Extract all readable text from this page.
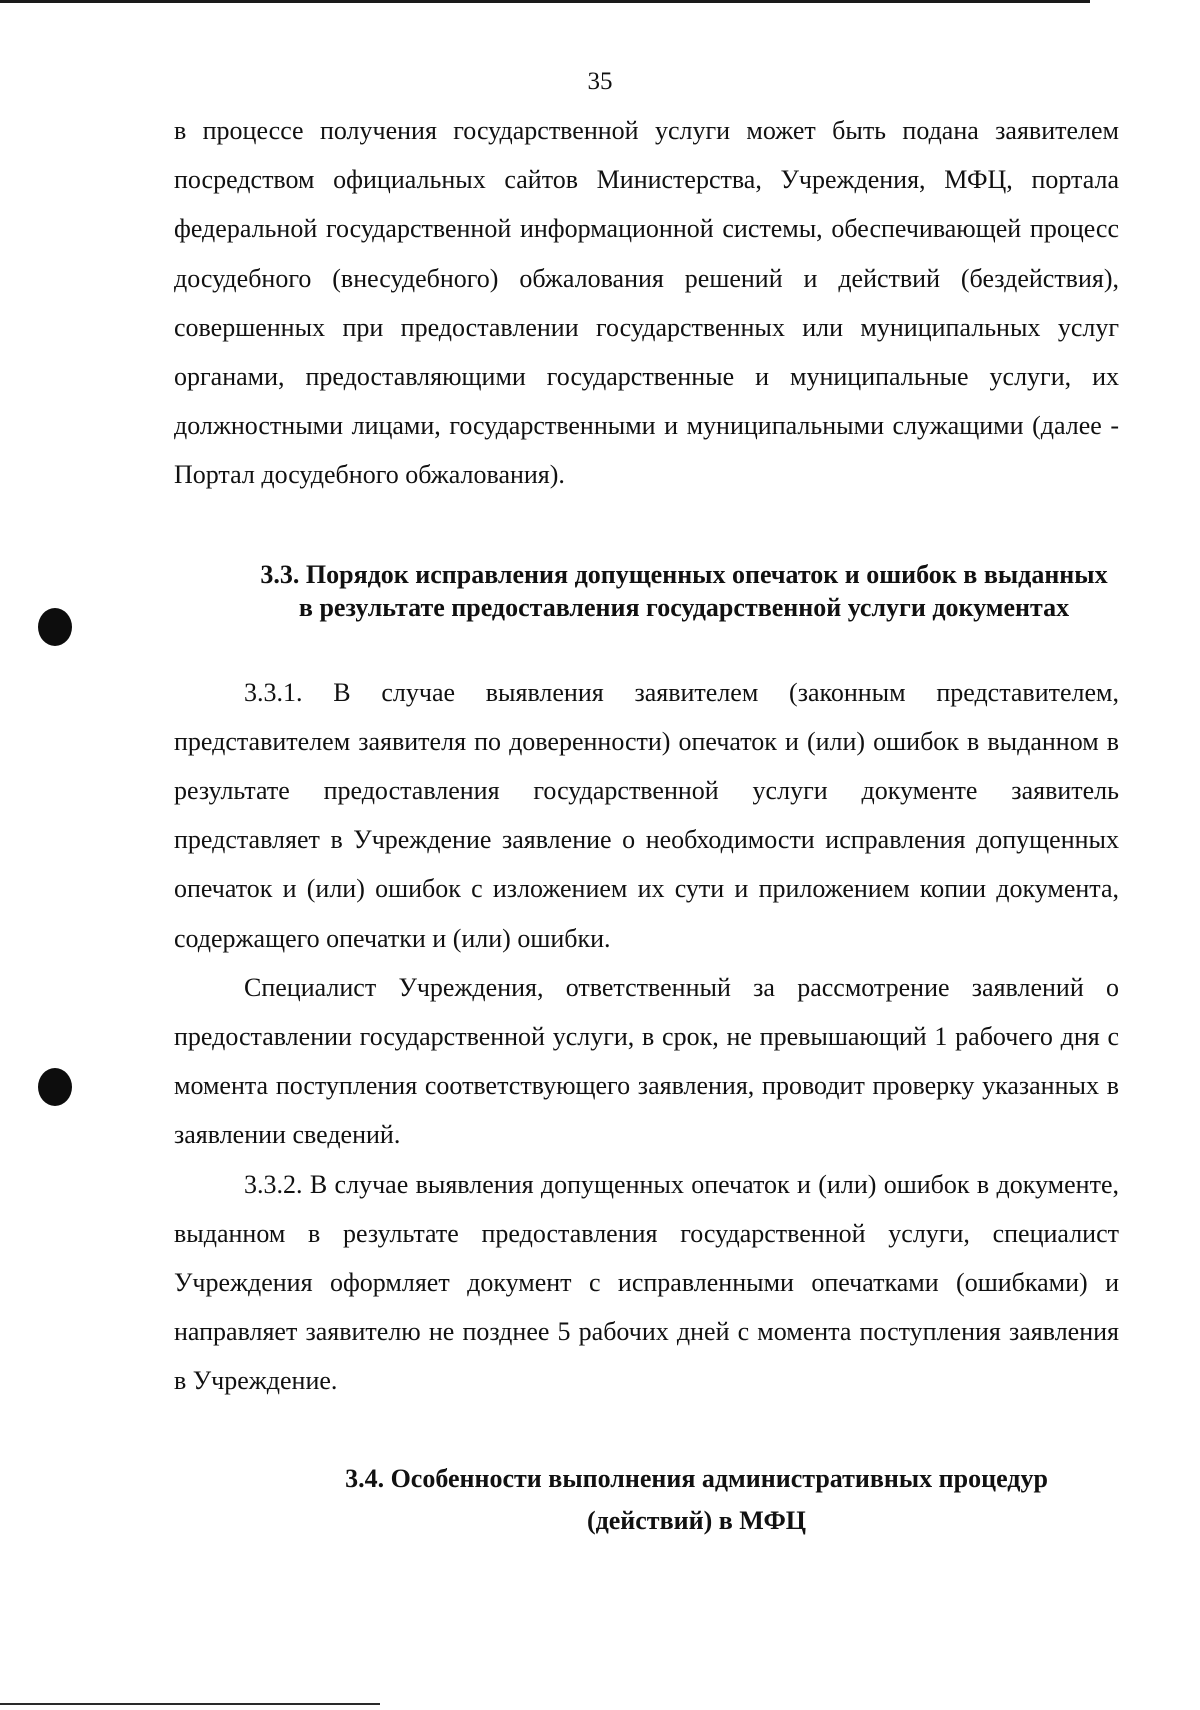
35

в процессе получения государственной услуги может быть подана заявителем посредством официальных сайтов Министерства, Учреждения, МФЦ, портала федеральной государственной информационной системы, обеспечивающей процесс досудебного (внесудебного) обжалования решений и действий (бездействия), совершенных при предоставлении государственных или муниципальных услуг органами, предоставляющими государственные и муниципальные услуги, их должностными лицами, государственными и муниципальными служащими (далее - Портал досудебного обжалования).

3.3. Порядок исправления допущенных опечаток и ошибок в выданных в результате предоставления государственной услуги документах

3.3.1. В случае выявления заявителем (законным представителем, представителем заявителя по доверенности) опечаток и (или) ошибок в выданном в результате предоставления государственной услуги документе заявитель представляет в Учреждение заявление о необходимости исправления допущенных опечаток и (или) ошибок с изложением их сути и приложением копии документа, содержащего опечатки и (или) ошибки.

Специалист Учреждения, ответственный за рассмотрение заявлений о предоставлении государственной услуги, в срок, не превышающий 1 рабочего дня с момента поступления соответствующего заявления, проводит проверку указанных в заявлении сведений.

3.3.2. В случае выявления допущенных опечаток и (или) ошибок в документе, выданном в результате предоставления государственной услуги, специалист Учреждения оформляет документ с исправленными опечатками (ошибками) и направляет заявителю не позднее 5 рабочих дней с момента поступления заявления в Учреждение.

3.4. Особенности выполнения административных процедур (действий) в МФЦ
